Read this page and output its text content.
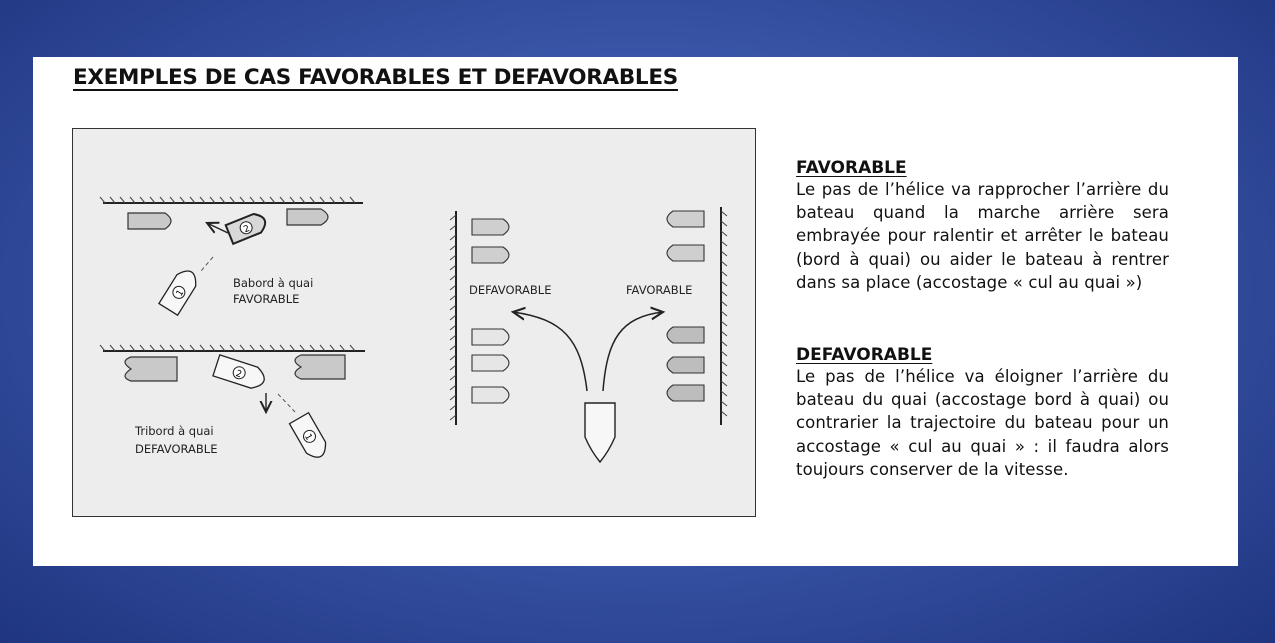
EXEMPLES DE CAS FAVORABLES ET DEFAVORABLES
2
1
Babord à quai
FAVORABLE
2
1
Tribord à quai
DEFAVORABLE
DEFAVORABLE	FAVORABLE

FAVORABLE

Le pas de l’hélice va rapprocher l’arrière du bateau quand la marche arrière sera embrayée pour ralentir et arrêter le bateau (bord à quai) ou aider le bateau à rentrer dans sa place (accostage « cul au quai »)

DEFAVORABLE

Le pas de l’hélice va éloigner l’arrière du bateau du quai (accostage bord à quai) ou contrarier la trajectoire du bateau pour un accostage « cul au quai » : il faudra alors toujours conserver de la vitesse.
